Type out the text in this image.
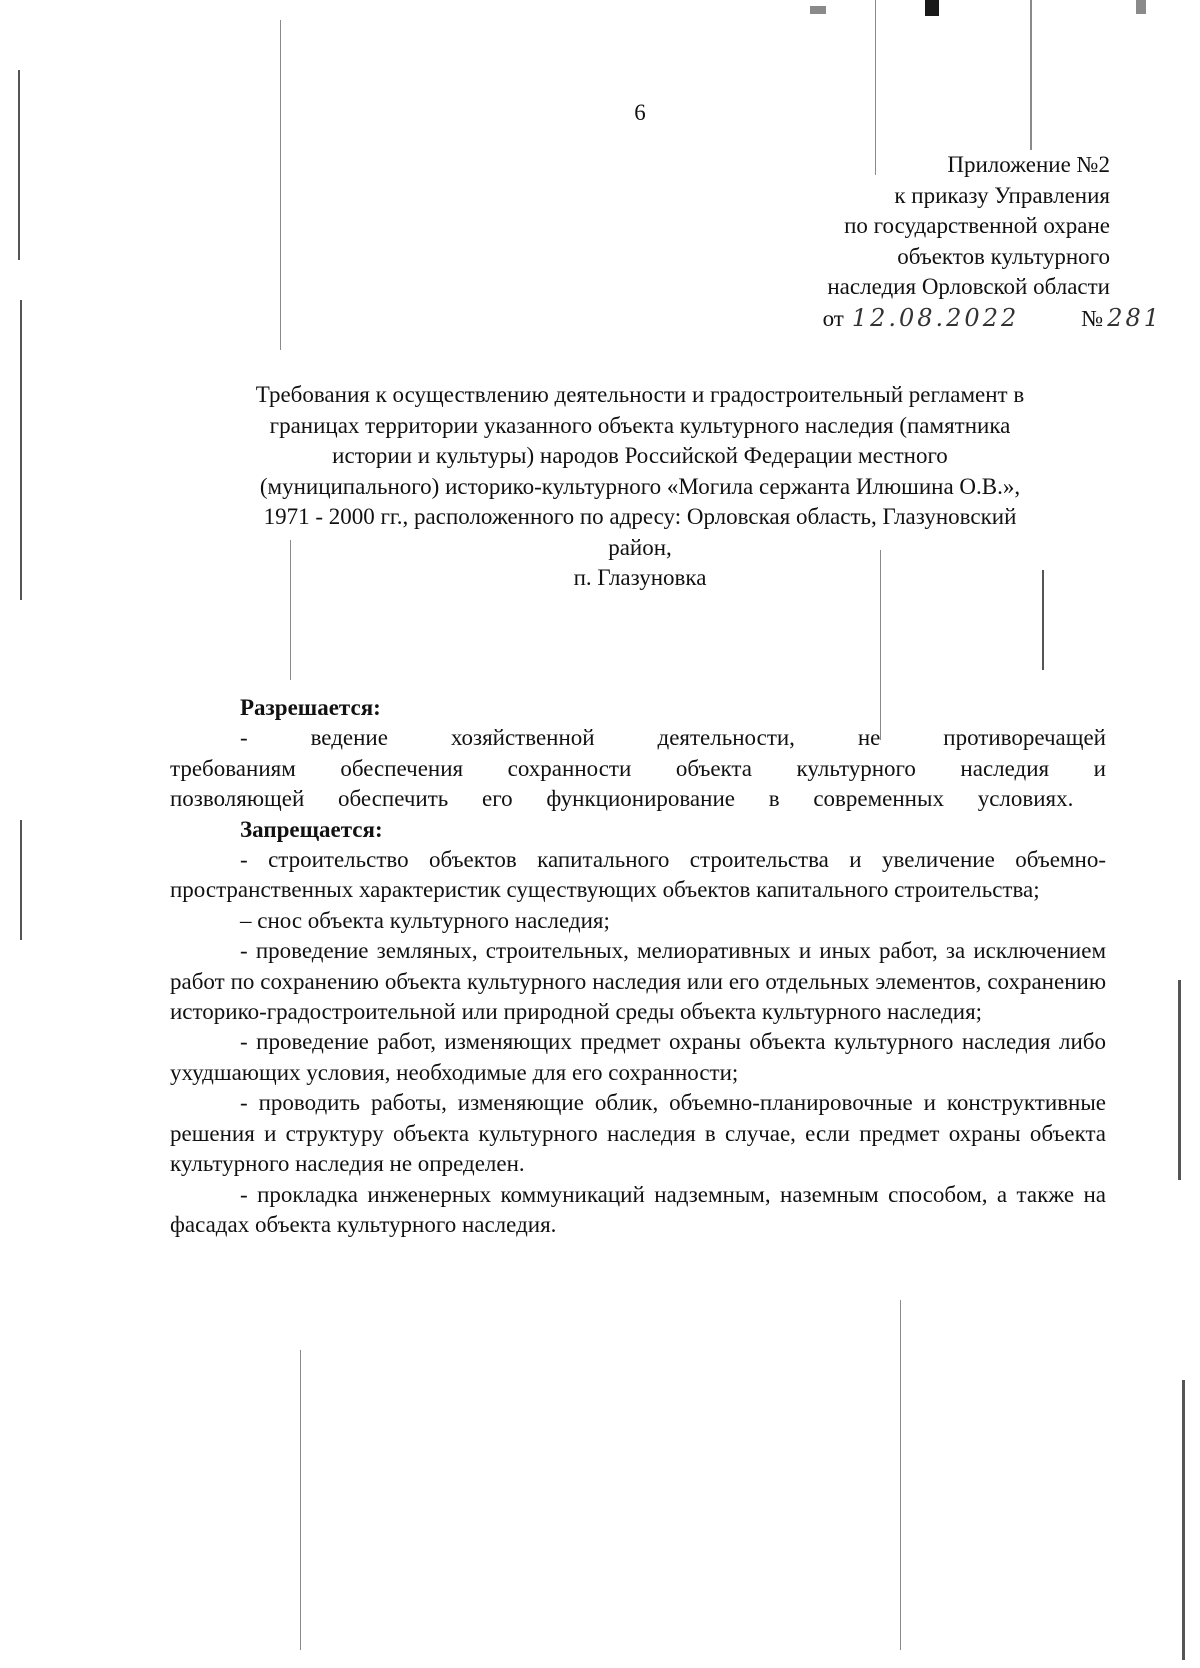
6
Приложение №2
к приказу Управления
по государственной охране
объектов культурного
наследия Орловской области
от 12.08.2022	№ 281
Требования к осуществлению деятельности и градостроительный регламент в
границах территории указанного объекта культурного наследия (памятника
истории и культуры) народов Российской Федерации местного
(муниципального) историко-культурного «Могила сержанта Илюшина О.В.»,
1971 - 2000 гг., расположенного по адресу: Орловская область, Глазуновский
район,
п. Глазуновка

Разрешается:

- ведение хозяйственной деятельности, не противоречащей требованиям обеспечения сохранности объекта культурного наследия и позволяющей обеспечить его функционирование в современных условиях.

Запрещается:

- строительство объектов капитального строительства и увеличение объемно-пространственных характеристик существующих объектов капитального строительства;

– снос объекта культурного наследия;

- проведение земляных, строительных, мелиоративных и иных работ, за исключением работ по сохранению объекта культурного наследия или его отдельных элементов, сохранению историко-градостроительной или природной среды объекта культурного наследия;

- проведение работ, изменяющих предмет охраны объекта культурного наследия либо ухудшающих условия, необходимые для его сохранности;

- проводить работы, изменяющие облик, объемно-планировочные и конструктивные решения и структуру объекта культурного наследия в случае, если предмет охраны объекта культурного наследия не определен.

- прокладка инженерных коммуникаций надземным, наземным способом, а также на фасадах объекта культурного наследия.
